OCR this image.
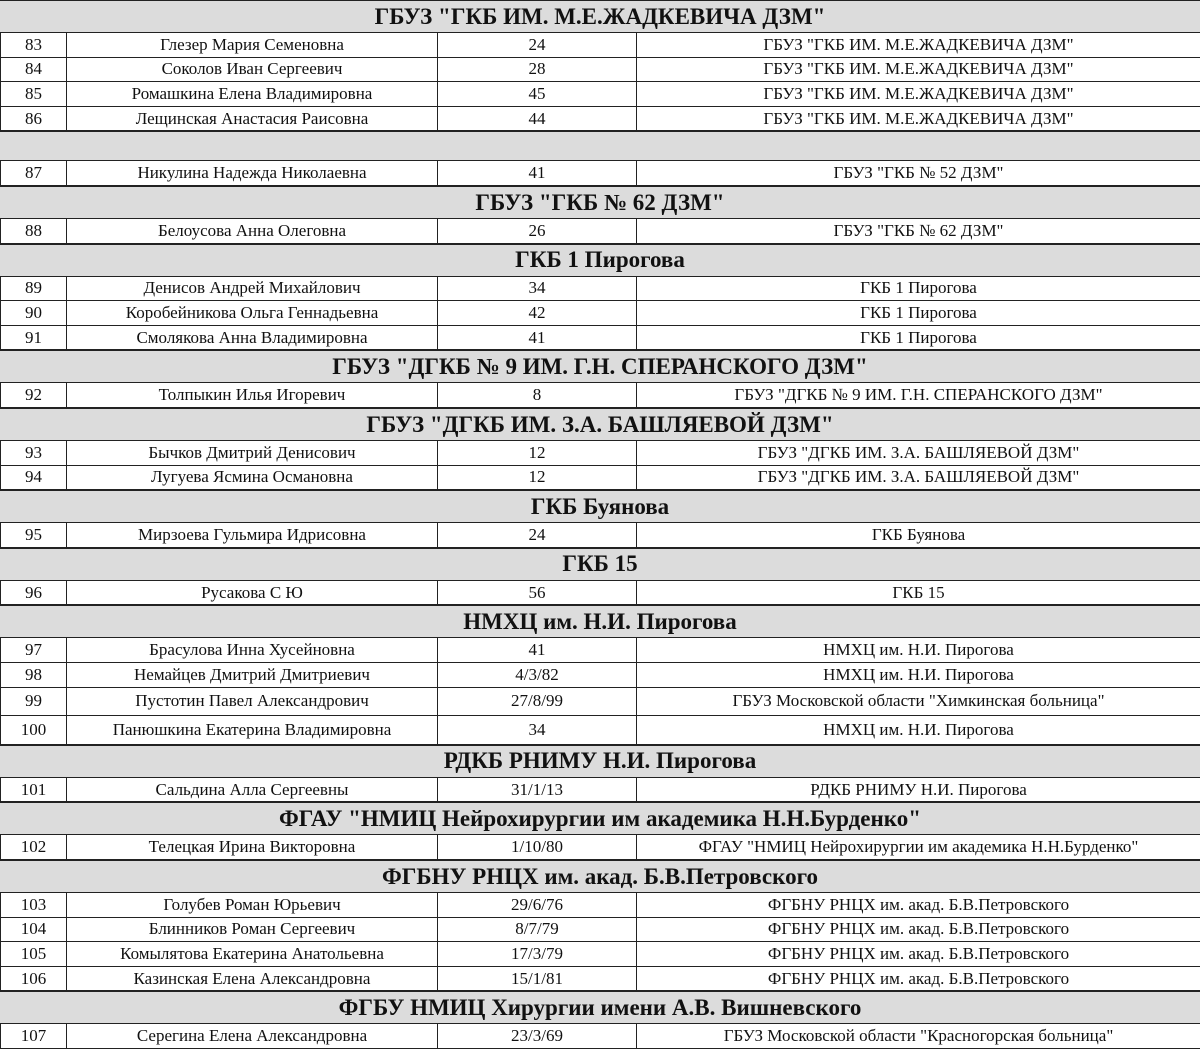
ГБУЗ "ГКБ ИМ. М.Е.ЖАДКЕВИЧА ДЗМ"
83	Глезер Мария Семеновна	24	ГБУЗ "ГКБ ИМ. М.Е.ЖАДКЕВИЧА ДЗМ"
84	Соколов Иван Сергеевич	28	ГБУЗ "ГКБ ИМ. М.Е.ЖАДКЕВИЧА ДЗМ"
85	Ромашкина Елена Владимировна	45	ГБУЗ "ГКБ ИМ. М.Е.ЖАДКЕВИЧА ДЗМ"
86	Лещинская Анастасия Раисовна	44	ГБУЗ "ГКБ ИМ. М.Е.ЖАДКЕВИЧА ДЗМ"
87	Никулина Надежда Николаевна	41	ГБУЗ "ГКБ № 52 ДЗМ"
ГБУЗ "ГКБ № 62 ДЗМ"
88	Белоусова Анна Олеговна	26	ГБУЗ "ГКБ № 62 ДЗМ"
ГКБ 1 Пирогова
89	Денисов Андрей Михайлович	34	ГКБ 1 Пирогова
90	Коробейникова Ольга Геннадьевна	42	ГКБ 1 Пирогова
91	Смолякова Анна Владимировна	41	ГКБ 1 Пирогова
ГБУЗ "ДГКБ № 9 ИМ. Г.Н. СПЕРАНСКОГО ДЗМ"
92	Толпыкин Илья Игоревич	8	ГБУЗ "ДГКБ № 9 ИМ. Г.Н. СПЕРАНСКОГО ДЗМ"
ГБУЗ "ДГКБ ИМ. З.А. БАШЛЯЕВОЙ ДЗМ"
93	Бычков Дмитрий Денисович	12	ГБУЗ "ДГКБ ИМ. З.А. БАШЛЯЕВОЙ ДЗМ"
94	Лугуева Ясмина Османовна	12	ГБУЗ "ДГКБ ИМ. З.А. БАШЛЯЕВОЙ ДЗМ"
ГКБ Буянова
95	Мирзоева Гульмира Идрисовна	24	ГКБ Буянова
ГКБ 15
96	Русакова С Ю	56	ГКБ 15
НМХЦ им. Н.И. Пирогова
97	Брасулова Инна Хусейновна	41	НМХЦ им. Н.И. Пирогова
98	Немайцев Дмитрий Дмитриевич	4/3/82	НМХЦ им. Н.И. Пирогова
99	Пустотин Павел Александрович	27/8/99	ГБУЗ Московской области "Химкинская больница"
100	Панюшкина Екатерина Владимировна	34	НМХЦ им. Н.И. Пирогова
РДКБ РНИМУ Н.И. Пирогова
101	Сальдина Алла Сергеевны	31/1/13	РДКБ РНИМУ Н.И. Пирогова
ФГАУ "НМИЦ Нейрохирургии им академика Н.Н.Бурденко"
102	Телецкая Ирина Викторовна	1/10/80	ФГАУ "НМИЦ Нейрохирургии им академика Н.Н.Бурденко"
ФГБНУ РНЦХ им. акад. Б.В.Петровского
103	Голубев Роман Юрьевич	29/6/76	ФГБНУ РНЦХ им. акад. Б.В.Петровского
104	Блинников Роман Сергеевич	8/7/79	ФГБНУ РНЦХ им. акад. Б.В.Петровского
105	Комылятова Екатерина Анатольевна	17/3/79	ФГБНУ РНЦХ им. акад. Б.В.Петровского
106	Казинская Елена Александровна	15/1/81	ФГБНУ РНЦХ им. акад. Б.В.Петровского
ФГБУ НМИЦ Хирургии имени А.В. Вишневского
107	Серегина Елена Александровна	23/3/69	ГБУЗ Московской области "Красногорская больница"
